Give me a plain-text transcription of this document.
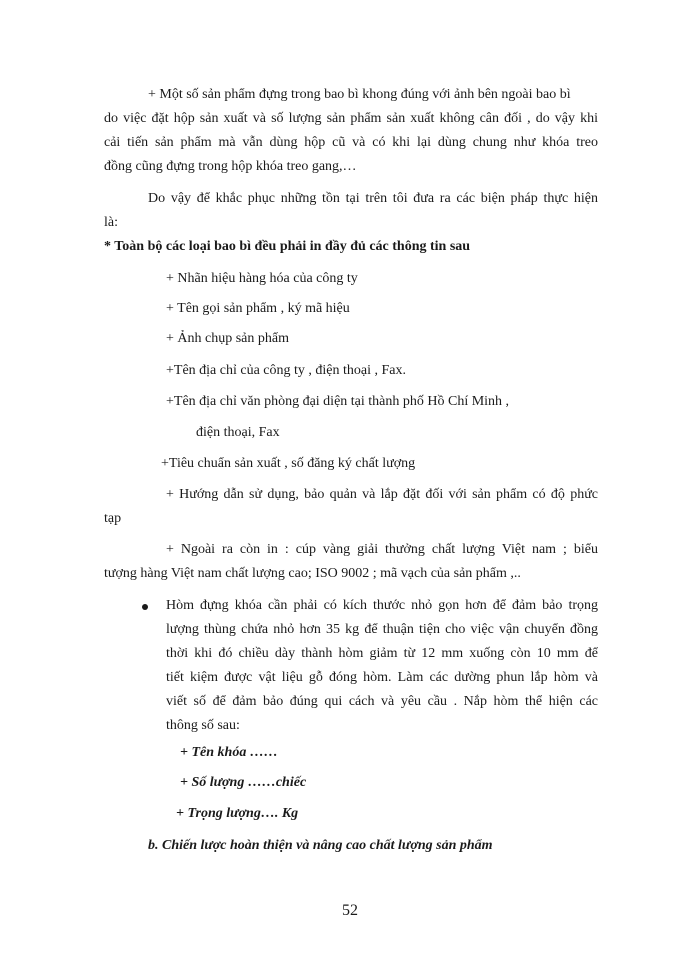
+ Một số sản phẩm đựng trong bao bì khong đúng với ảnh bên ngoài bao bì
do việc đặt hộp sản xuất và số lượng sản phẩm sản xuất không cân đối , do vậy khi
cải tiến sản phẩm mà vẫn dùng hộp cũ và có khi lại dùng chung như khóa treo
đồng cũng đựng trong hộp khóa treo gang,…
Do vậy để khắc phục những tồn tại trên tôi đưa ra các biện pháp thực hiện
là:
* Toàn bộ các loại bao bì đều phải in đầy đủ các thông tin sau
+ Nhãn hiệu hàng hóa của công ty
+ Tên gọi sản phẩm , ký mã hiệu
+ Ảnh chụp sản phẩm
+Tên địa chỉ của công ty , điện thoại , Fax.
+Tên địa chỉ văn phòng đại diện tại thành phố Hồ Chí Minh ,
điện thoại, Fax
+Tiêu chuẩn sản xuất , số đăng ký chất lượng
+ Hướng dẫn sử dụng, bảo quản và lắp đặt đối với sản phẩm có độ phức
tạp
+ Ngoài ra còn in : cúp vàng giải thưởng chất lượng Việt nam ; biểu
tượng hàng Việt nam chất lượng cao; ISO 9002 ; mã vạch của sản phẩm ,..
Hòm đựng khóa cần phải có kích thước nhỏ gọn hơn để đảm bảo trọng
lượng thùng chứa nhỏ hơn 35 kg để thuận tiện cho việc vận chuyển đồng
thời khi đó chiều dày thành hòm giảm từ 12 mm xuống còn 10 mm để
tiết kiệm được vật liệu gỗ đóng hòm. Làm các dường phun lắp hòm và
viết số để đảm bảo đúng qui cách và yêu cầu . Nắp hòm thể hiện các
thông số sau:
+ Tên khóa ……
+ Số lượng ……chiếc
+ Trọng lượng…. Kg
b. Chiến lược hoàn thiện và nâng cao chất lượng sản phẩm
52
